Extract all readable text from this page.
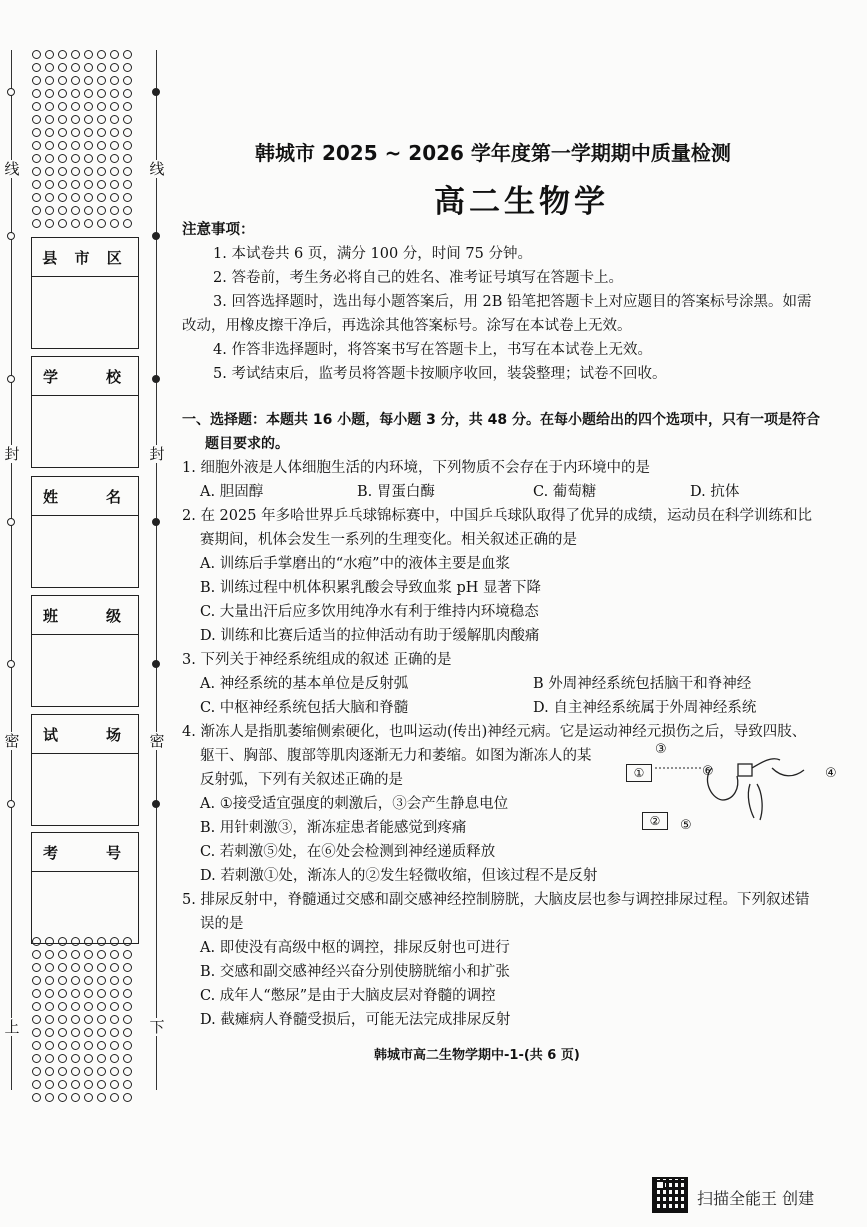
线	线
封	封
密	密
上	下
县 市 区
学　　校
姓　　名
班　　级
试　　场
考　　号
韩城市 2025 ~ 2026 学年度第一学期期中质量检测
高二生物学
注意事项：
1. 本试卷共 6 页，满分 100 分，时间 75 分钟。
2. 答卷前，考生务必将自己的姓名、准考证号填写在答题卡上。
3. 回答选择题时，选出每小题答案后，用 2B 铅笔把答题卡上对应题目的答案标号涂黑。如需
改动，用橡皮擦干净后，再选涂其他答案标号。涂写在本试卷上无效。
4. 作答非选择题时，将答案书写在答题卡上，书写在本试卷上无效。
5. 考试结束后，监考员将答题卡按顺序收回，装袋整理；试卷不回收。
一、选择题：本题共 16 小题，每小题 3 分，共 48 分。在每小题给出的四个选项中，只有一项是符合
题目要求的。
1. 细胞外液是人体细胞生活的内环境，下列物质不会存在于内环境中的是
A. 胆固醇	B. 胃蛋白酶	C. 葡萄糖	D. 抗体
2. 在 2025 年多哈世界乒乓球锦标赛中，中国乒乓球队取得了优异的成绩，运动员在科学训练和比
赛期间，机体会发生一系列的生理变化。相关叙述正确的是
A. 训练后手掌磨出的“水疱”中的液体主要是血浆
B. 训练过程中机体积累乳酸会导致血浆 pH 显著下降
C. 大量出汗后应多饮用纯净水有利于维持内环境稳态
D. 训练和比赛后适当的拉伸活动有助于缓解肌肉酸痛
3. 下列关于神经系统组成的叙述 正确的是
A. 神经系统的基本单位是反射弧	B 外周神经系统包括脑干和脊神经
C. 中枢神经系统包括大脑和脊髓	D. 自主神经系统属于外周神经系统
4. 渐冻人是指肌萎缩侧索硬化，也叫运动(传出)神经元病。它是运动神经元损伤之后，导致四肢、
躯干、胸部、腹部等肌肉逐渐无力和萎缩。如图为渐冻人的某
反射弧，下列有关叙述正确的是
A. ①接受适宜强度的刺激后，③会产生静息电位
B. 用针刺激③，渐冻症患者能感觉到疼痛
C. 若刺激⑤处，在⑥处会检测到神经递质释放
D. 若刺激①处，渐冻人的②发生轻微收缩，但该过程不是反射
③
①	⑥	④
②	⑤
5. 排尿反射中，脊髓通过交感和副交感神经控制膀胱，大脑皮层也参与调控排尿过程。下列叙述错
误的是
A. 即使没有高级中枢的调控，排尿反射也可进行
B. 交感和副交感神经兴奋分别使膀胱缩小和扩张
C. 成年人“憋尿”是由于大脑皮层对脊髓的调控
D. 截瘫病人脊髓受损后，可能无法完成排尿反射
韩城市高二生物学期中-1-(共 6 页)
扫描全能王 创建
